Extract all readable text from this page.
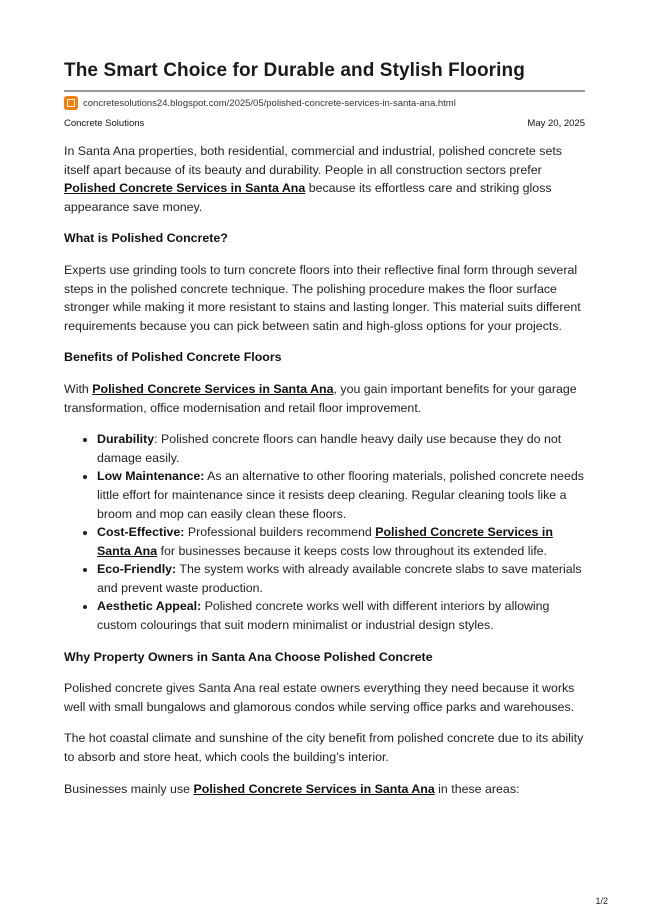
The Smart Choice for Durable and Stylish Flooring
concretesolutions24.blogspot.com/2025/05/polished-concrete-services-in-santa-ana.html
Concrete Solutions	May 20, 2025

In Santa Ana properties, both residential, commercial and industrial, polished concrete sets itself apart because of its beauty and durability. People in all construction sectors prefer Polished Concrete Services in Santa Ana because its effortless care and striking gloss appearance save money.

What is Polished Concrete?

Experts use grinding tools to turn concrete floors into their reflective final form through several steps in the polished concrete technique. The polishing procedure makes the floor surface stronger while making it more resistant to stains and lasting longer. This material suits different requirements because you can pick between satin and high-gloss options for your projects.

Benefits of Polished Concrete Floors

With Polished Concrete Services in Santa Ana, you gain important benefits for your garage transformation, office modernisation and retail floor improvement.

• Durability: Polished concrete floors can handle heavy daily use because they do not damage easily.
• Low Maintenance: As an alternative to other flooring materials, polished concrete needs little effort for maintenance since it resists deep cleaning. Regular cleaning tools like a broom and mop can easily clean these floors.
• Cost-Effective: Professional builders recommend Polished Concrete Services in Santa Ana for businesses because it keeps costs low throughout its extended life.
• Eco-Friendly: The system works with already available concrete slabs to save materials and prevent waste production.
• Aesthetic Appeal: Polished concrete works well with different interiors by allowing custom colourings that suit modern minimalist or industrial design styles.
Why Property Owners in Santa Ana Choose Polished Concrete

Polished concrete gives Santa Ana real estate owners everything they need because it works well with small bungalows and glamorous condos while serving office parks and warehouses.

The hot coastal climate and sunshine of the city benefit from polished concrete due to its ability to absorb and store heat, which cools the building’s interior.

Businesses mainly use Polished Concrete Services in Santa Ana in these areas:

1/2
